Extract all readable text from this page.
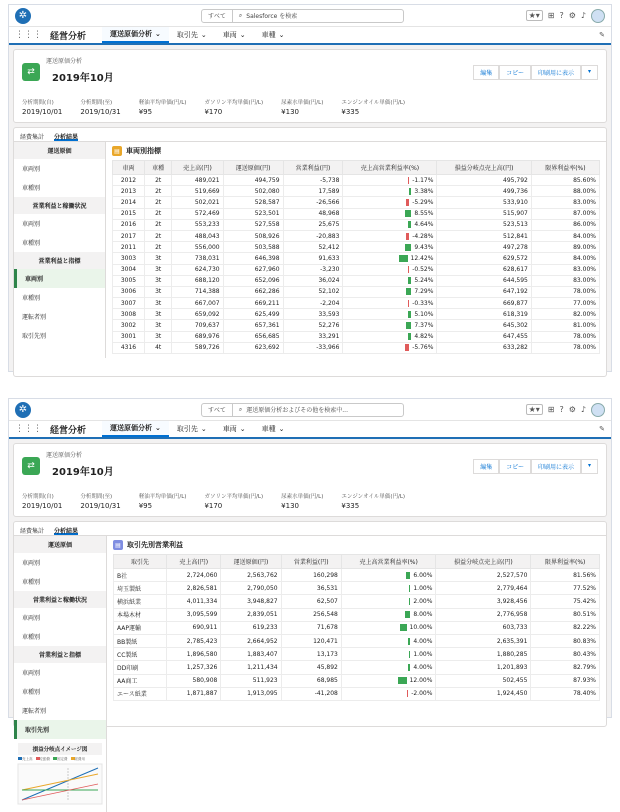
✲	すべて	⌕ Salesforce を検索	★▾	⊞ ? ⚙ ♪
⋮⋮⋮ 経営分析	運送原価分析 ⌄ 取引先 ⌄ 車両 ⌄ 車種 ⌄	✎
⇄
運送原価分析
2019年10月	編集	コピー	印刷用に表示	▾
分析期間(自)
2019/10/01
分析期間(至)
2019/10/31
軽油平均単価(円/L)
¥95
ガソリン平均単価(円/L)
¥170
尿素水単価(円/L)
¥130
エンジンオイル単価(円/L)
¥335
経費集計 分析結果
運送原価
車両別
車種別
営業利益と稼働状況
車両別
車種別
営業利益と指標
車両別
車種別
運転者別
取引先別
▤ 車両別指標
車両	車種	売上高(円)	運送原価(円)	営業利益(円)	売上高営業利益率(%)	損益分岐点売上高(円)	限界利益率(%)
2012	2t	489,021	494,759	-5,738	-1.17%	495,792	85.60%
2013	2t	519,669	502,080	17,589	3.38%	499,736	88.00%
2014	2t	502,021	528,587	-26,566	-5.29%	533,910	83.00%
2015	2t	572,469	523,501	48,968	8.55%	515,907	87.00%
2016	2t	553,233	527,558	25,675	4.64%	523,513	86.00%
2017	2t	488,043	508,926	-20,883	-4.28%	512,841	84.00%
2011	2t	556,000	503,588	52,412	9.43%	497,278	89.00%
3003	3t	738,031	646,398	91,633	12.42%	629,572	84.00%
3004	3t	624,730	627,960	-3,230	-0.52%	628,617	83.00%
3005	3t	688,120	652,096	36,024	5.24%	644,595	83.00%
3006	3t	714,388	662,286	52,102	7.29%	647,192	78.00%
3007	3t	667,007	669,211	-2,204	-0.33%	669,877	77.00%
3008	3t	659,092	625,499	33,593	5.10%	618,319	82.00%
3002	3t	709,637	657,361	52,276	7.37%	645,302	81.00%
3001	3t	689,976	656,685	33,291	4.82%	647,455	78.00%
4316	4t	589,726	623,692	-33,966	-5.76%	633,282	78.00%
✲	すべて	⌕ 運送原価分析およびその他を検索中...	★▾	⊞ ? ⚙ ♪
⋮⋮⋮ 経営分析	運送原価分析 ⌄ 取引先 ⌄ 車両 ⌄ 車種 ⌄	✎
⇄
運送原価分析
2019年10月	編集	コピー	印刷用に表示	▾
分析期間(自)
2019/10/01
分析期間(至)
2019/10/31
軽油平均単価(円/L)
¥95
ガソリン平均単価(円/L)
¥170
尿素水単価(円/L)
¥130
エンジンオイル単価(円/L)
¥335
経費集計 分析結果
運送原価
車両別
車種別
営業利益と稼働状況
車両別
車種別
営業利益と指標
車両別
車種別
運転者別
取引先別
損益分岐点イメージ図
売上高	変動費	固定費	総費用
▤ 取引先別営業利益
取引先	売上高(円)	運送原価(円)	営業利益(円)	売上高営業利益率(%)	損益分岐点売上高(円)	限界利益率(%)
B社	2,724,060	2,563,762	160,298	6.00%	2,527,570	81.56%
埼玉製紙	2,826,581	2,790,050	36,531	1.00%	2,779,464	77.52%
横浜紙業	4,011,334	3,948,827	62,507	2.00%	3,928,456	75.42%
本場木材	3,095,599	2,839,051	256,548	8.00%	2,776,958	80.51%
AAP運輸	690,911	619,233	71,678	10.00%	603,733	82.22%
BB製紙	2,785,423	2,664,952	120,471	4.00%	2,635,391	80.83%
CC製紙	1,896,580	1,883,407	13,173	1.00%	1,880,285	80.43%
DD印刷	1,257,326	1,211,434	45,892	4.00%	1,201,893	82.79%
AA商工	580,908	511,923	68,985	12.00%	502,455	87.93%
エース紙業	1,871,887	1,913,095	-41,208	-2.00%	1,924,450	78.40%
